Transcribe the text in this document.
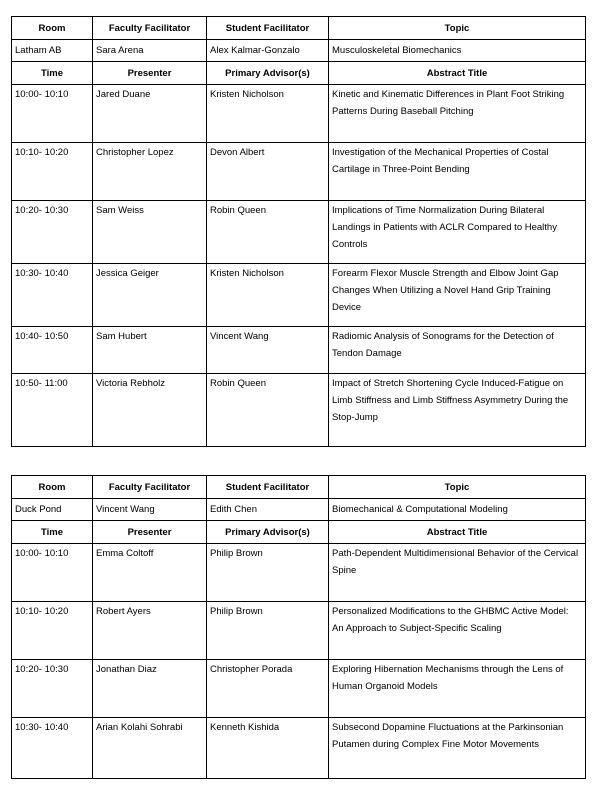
Room	Faculty Facilitator	Student Facilitator	Topic
Latham AB	Sara Arena	Alex Kalmar-Gonzalo	Musculoskeletal Biomechanics
Time	Presenter	Primary Advisor(s)	Abstract Title
10:00- 10:10	Jared Duane	Kristen Nicholson	Kinetic and Kinematic Differences in Plant Foot Striking Patterns During Baseball Pitching
10:10- 10:20	Christopher Lopez	Devon Albert	Investigation of the Mechanical Properties of Costal Cartilage in Three-Point Bending
10:20- 10:30	Sam Weiss	Robin Queen	Implications of Time Normalization During Bilateral Landings in Patients with ACLR Compared to Healthy Controls
10:30- 10:40	Jessica Geiger	Kristen Nicholson	Forearm Flexor Muscle Strength and Elbow Joint Gap Changes When Utilizing a Novel Hand Grip Training Device
10:40- 10:50	Sam Hubert	Vincent Wang	Radiomic Analysis of Sonograms for the Detection of Tendon Damage
10:50- 11:00	Victoria Rebholz	Robin Queen	Impact of Stretch Shortening Cycle Induced-Fatigue on Limb Stiffness and Limb Stiffness Asymmetry During the Stop-Jump

Room	Faculty Facilitator	Student Facilitator	Topic
Duck Pond	Vincent Wang	Edith Chen	Biomechanical & Computational Modeling
Time	Presenter	Primary Advisor(s)	Abstract Title
10:00- 10:10	Emma Coltoff	Philip Brown	Path-Dependent Multidimensional Behavior of the Cervical Spine
10:10- 10:20	Robert Ayers	Philip Brown	Personalized Modifications to the GHBMC Active Model: An Approach to Subject-Specific Scaling
10:20- 10:30	Jonathan Diaz	Christopher Porada	Exploring Hibernation Mechanisms through the Lens of Human Organoid Models
10:30- 10:40	Arian Kolahi Sohrabi	Kenneth Kishida	Subsecond Dopamine Fluctuations at the Parkinsonian Putamen during Complex Fine Motor Movements
